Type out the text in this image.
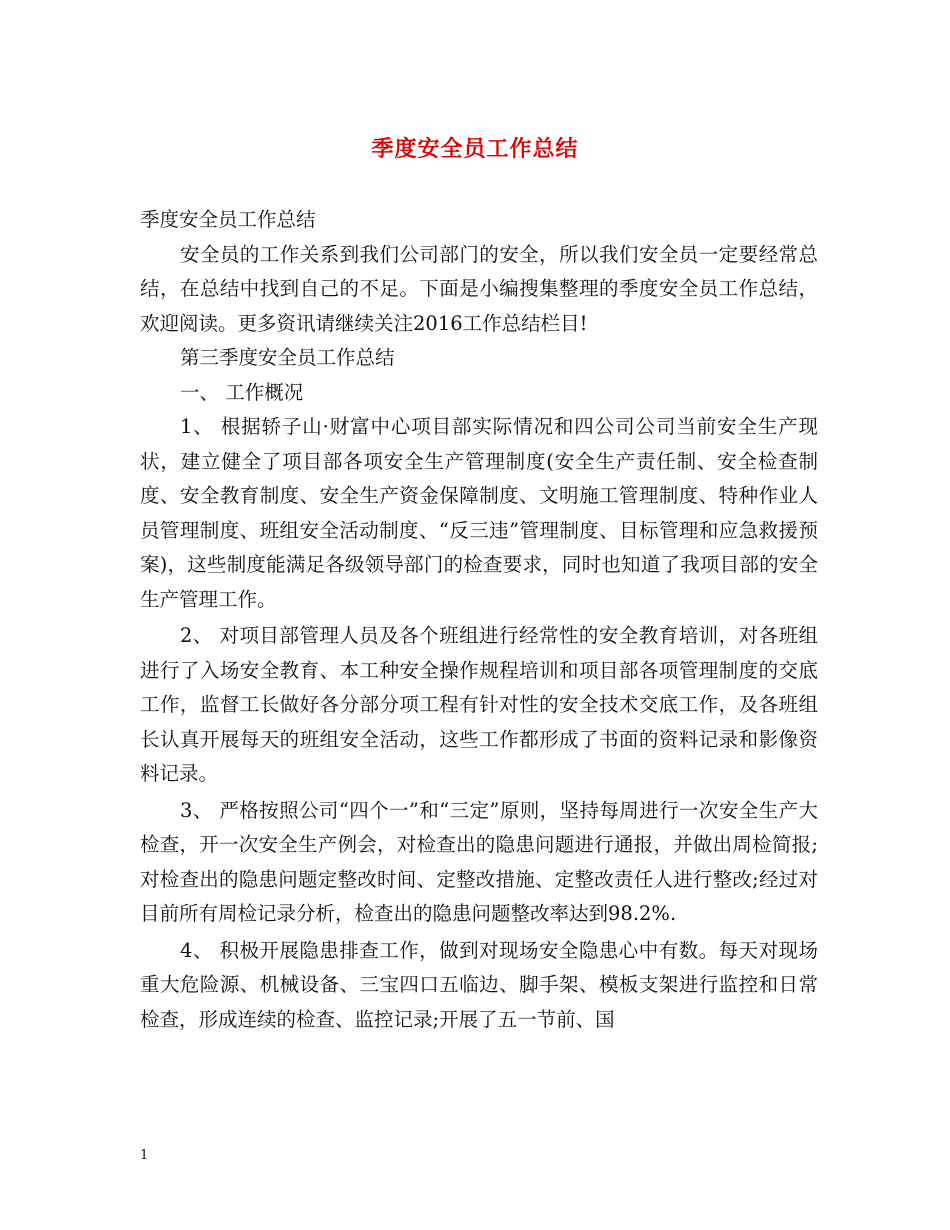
季度安全员工作总结

季度安全员工作总结

安全员的工作关系到我们公司部门的安全，所以我们安全员一定要经常总结，在总结中找到自己的不足。下面是小编搜集整理的季度安全员工作总结，欢迎阅读。更多资讯请继续关注2016工作总结栏目!

第三季度安全员工作总结

一、 工作概况

1、 根据轿子山·财富中心项目部实际情况和四公司公司当前安全生产现状，建立健全了项目部各项安全生产管理制度(安全生产责任制、安全检查制度、安全教育制度、安全生产资金保障制度、文明施工管理制度、特种作业人员管理制度、班组安全活动制度、“反三违”管理制度、目标管理和应急救援预案)，这些制度能满足各级领导部门的检查要求，同时也知道了我项目部的安全生产管理工作。

2、 对项目部管理人员及各个班组进行经常性的安全教育培训，对各班组进行了入场安全教育、本工种安全操作规程培训和项目部各项管理制度的交底工作，监督工长做好各分部分项工程有针对性的安全技术交底工作，及各班组长认真开展每天的班组安全活动，这些工作都形成了书面的资料记录和影像资料记录。

3、 严格按照公司“四个一”和“三定”原则，坚持每周进行一次安全生产大检查，开一次安全生产例会，对检查出的隐患问题进行通报，并做出周检简报;对检查出的隐患问题定整改时间、定整改措施、定整改责任人进行整改;经过对目前所有周检记录分析，检查出的隐患问题整改率达到98.2%.

4、 积极开展隐患排查工作，做到对现场安全隐患心中有数。每天对现场重大危险源、机械设备、三宝四口五临边、脚手架、模板支架进行监控和日常检查，形成连续的检查、监控记录;开展了五一节前、国

1
